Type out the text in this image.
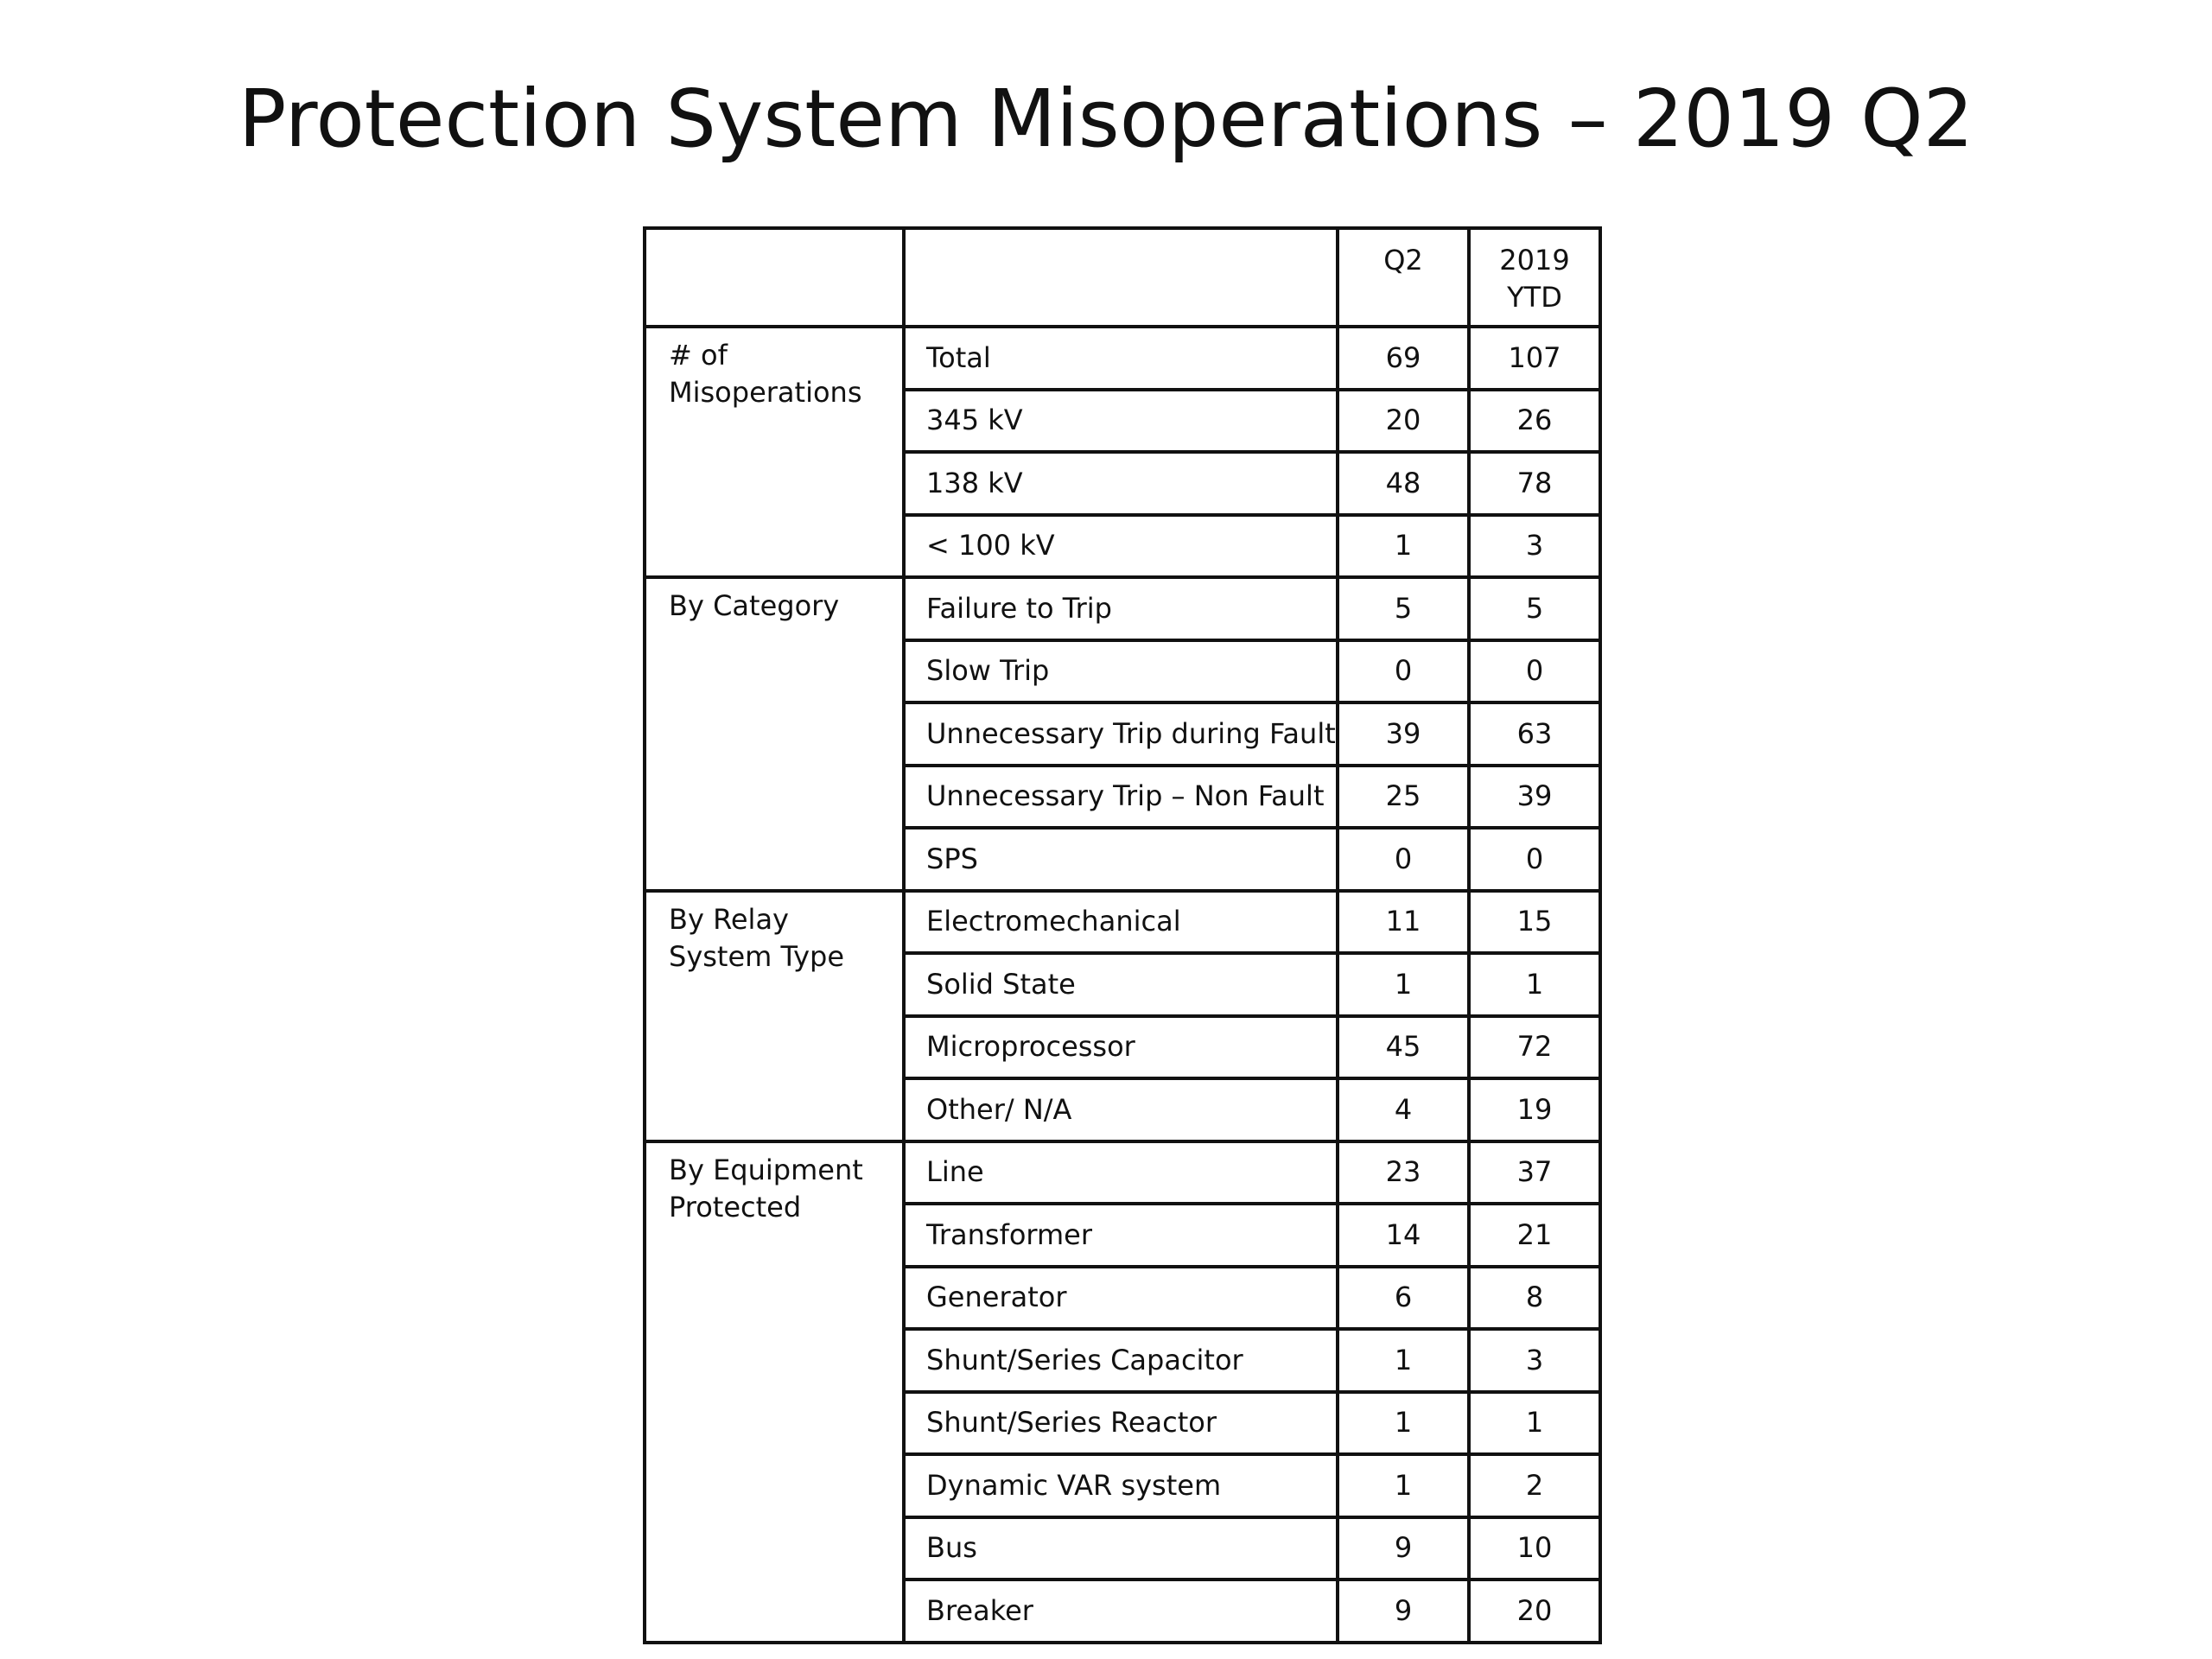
Protection System Misoperations – 2019 Q2

		Q2	2019
YTD

# of Misoperations	Total	69	107
	345 kV	20	26
	138 kV	48	78
	< 100 kV	1	3
By Category	Failure to Trip	5	5
	Slow Trip	0	0
	Unnecessary Trip during Fault	39	63
	Unnecessary Trip – Non Fault	25	39
	SPS	0	0
By Relay System Type	Electromechanical	11	15
	Solid State	1	1
	Microprocessor	45	72
	Other/ N/A	4	19
By Equipment Protected	Line	23	37
	Transformer	14	21
	Generator	6	8
	Shunt/Series Capacitor	1	3
	Shunt/Series Reactor	1	1
	Dynamic VAR system	1	2
	Bus	9	10
	Breaker	9	20
